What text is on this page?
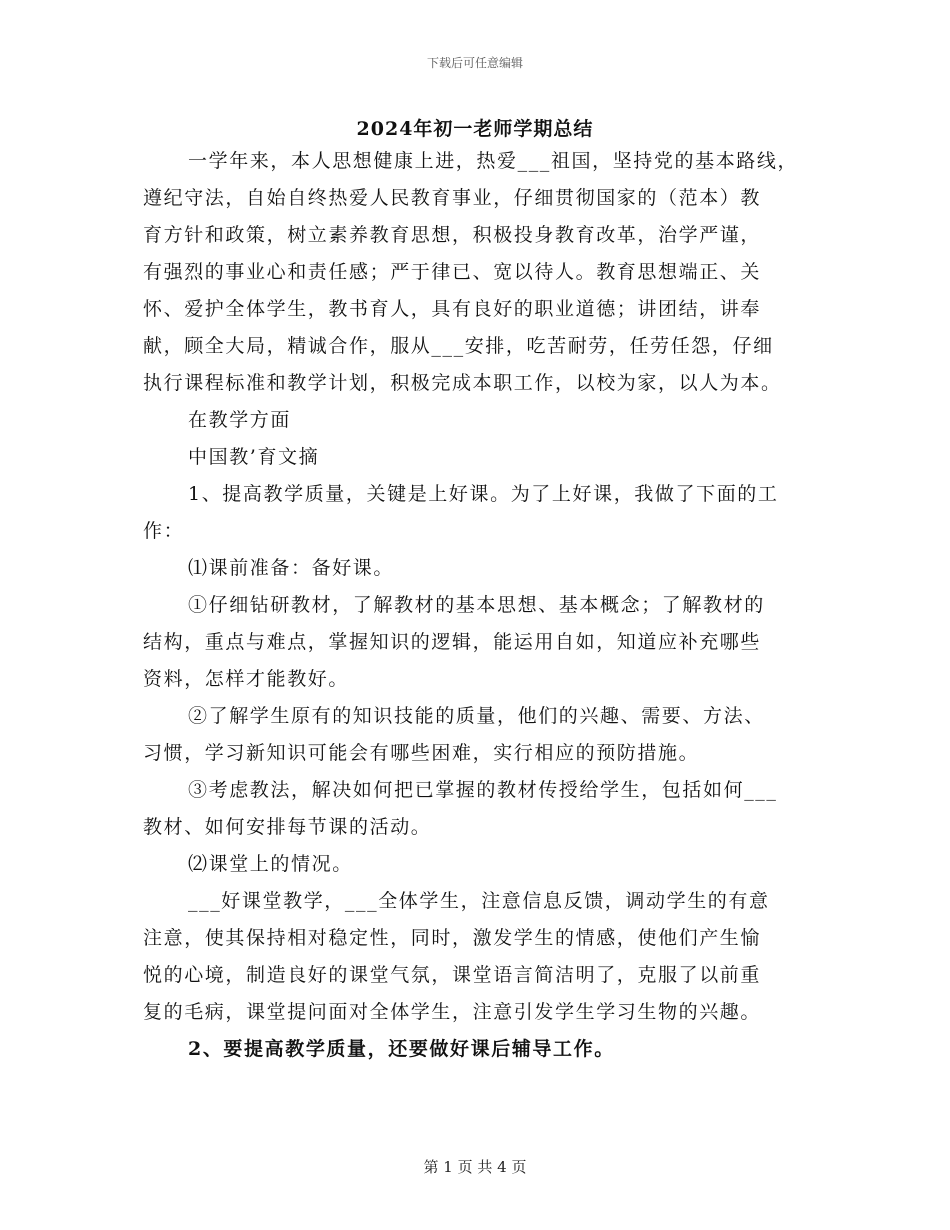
下载后可任意编辑
2024年初一老师学期总结
一学年来，本人思想健康上进，热爱___祖国，坚持党的基本路线，
遵纪守法，自始自终热爱人民教育事业，仔细贯彻国家的（范本）教
育方针和政策，树立素养教育思想，积极投身教育改革，治学严谨，
有强烈的事业心和责任感；严于律已、宽以待人。教育思想端正、关
怀、爱护全体学生，教书育人，具有良好的职业道德；讲团结，讲奉
献，顾全大局，精诚合作，服从___安排，吃苦耐劳，任劳任怨，仔细
执行课程标准和教学计划，积极完成本职工作，以校为家，以人为本。
在教学方面
中国教’育文摘
1、提高教学质量，关键是上好课。为了上好课，我做了下面的工
作：
⑴课前准备：备好课。
①仔细钻研教材，了解教材的基本思想、基本概念；了解教材的
结构，重点与难点，掌握知识的逻辑，能运用自如，知道应补充哪些
资料，怎样才能教好。
②了解学生原有的知识技能的质量，他们的兴趣、需要、方法、
习惯，学习新知识可能会有哪些困难，实行相应的预防措施。
③考虑教法，解决如何把已掌握的教材传授给学生，包括如何___
教材、如何安排每节课的活动。
⑵课堂上的情况。
___好课堂教学，___全体学生，注意信息反馈，调动学生的有意
注意，使其保持相对稳定性，同时，激发学生的情感，使他们产生愉
悦的心境，制造良好的课堂气氛，课堂语言简洁明了，克服了以前重
复的毛病，课堂提问面对全体学生，注意引发学生学习生物的兴趣。
2、要提高教学质量，还要做好课后辅导工作。
第 1 页 共 4 页
